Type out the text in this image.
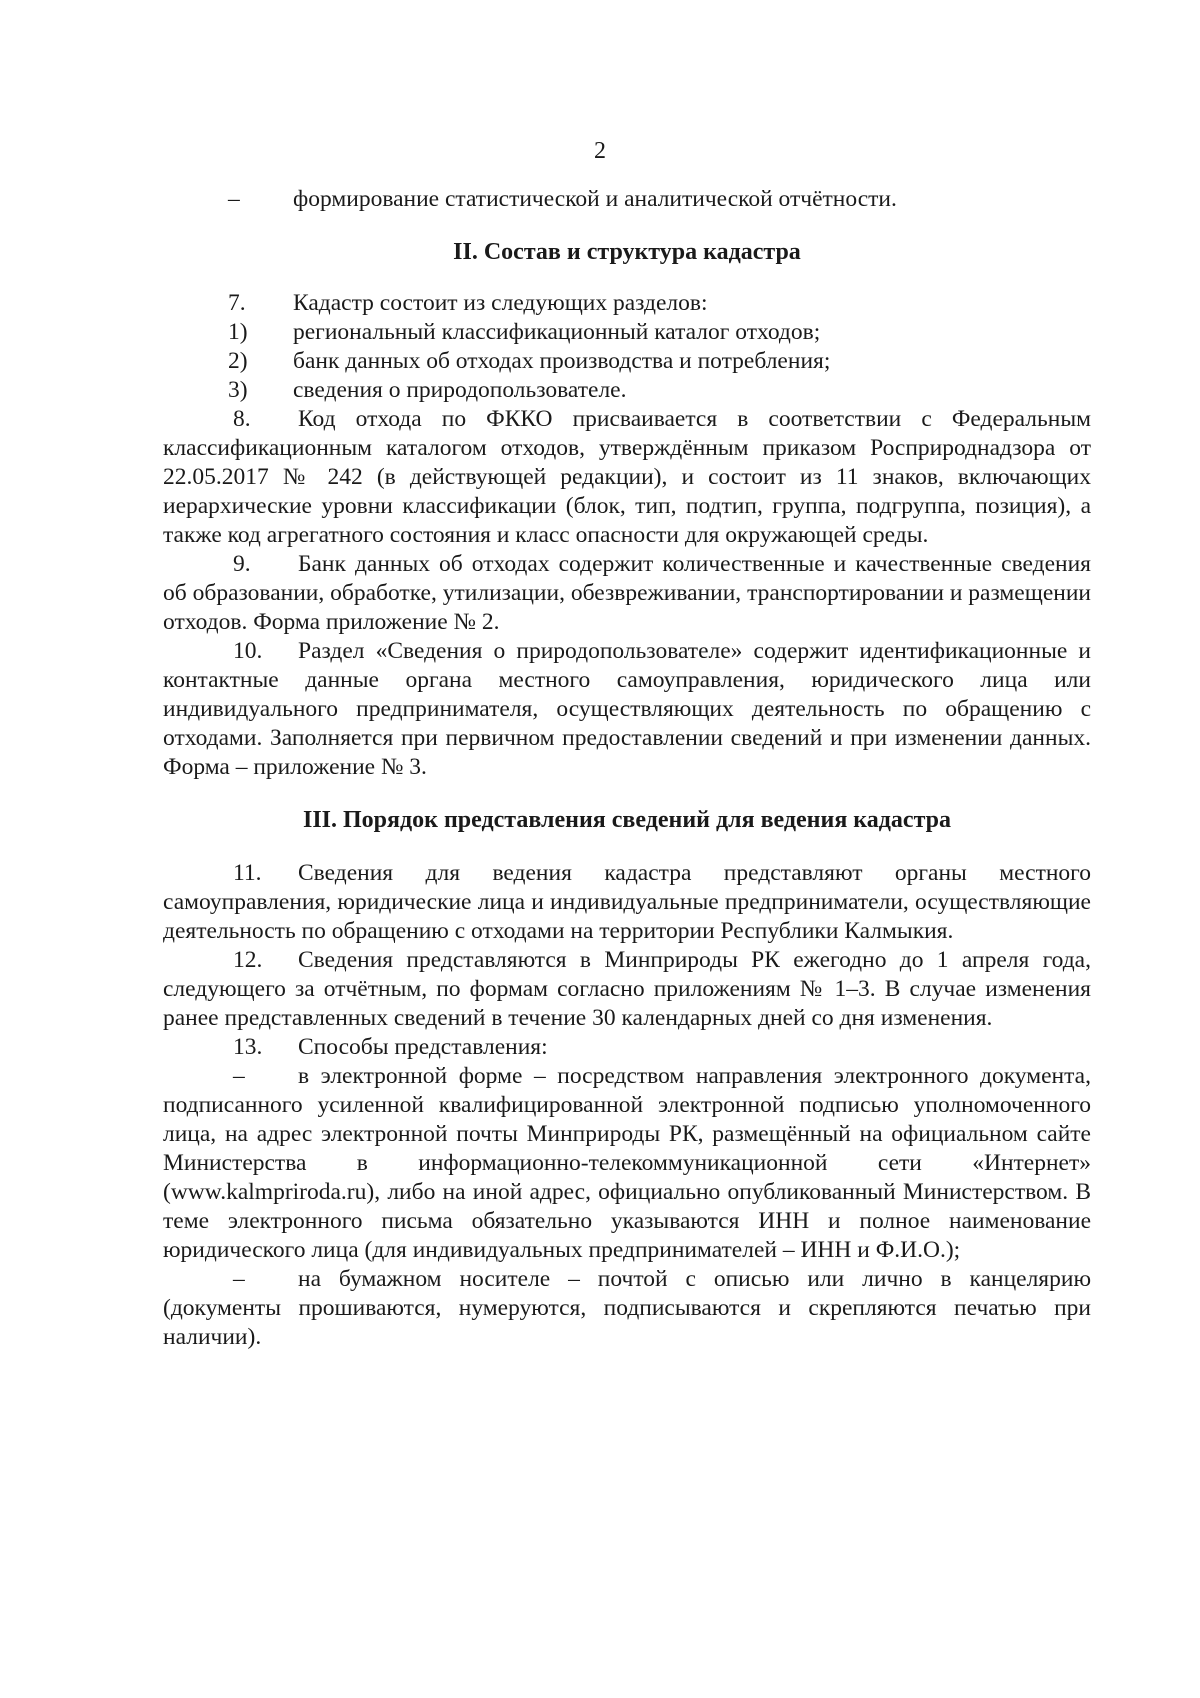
2
–	формирование статистической и аналитической отчётности.
II. Состав и структура кадастра
7.	Кадастр состоит из следующих разделов:
1)	региональный классификационный каталог отходов;
2)	банк данных об отходах производства и потребления;
3)	сведения о природопользователе.

8. Код отхода по ФККО присваивается в соответствии с Федеральным классификационным каталогом отходов, утверждённым приказом Росприроднадзора от 22.05.2017 № 242 (в действующей редакции), и состоит из 11 знаков, включающих иерархические уровни классификации (блок, тип, подтип, группа, подгруппа, позиция), а также код агрегатного состояния и класс опасности для окружающей среды.

9. Банк данных об отходах содержит количественные и качественные сведения об образовании, обработке, утилизации, обезвреживании, транспортировании и размещении отходов. Форма приложение № 2.

10. Раздел «Сведения о природопользователе» содержит идентификационные и контактные данные органа местного самоуправления, юридического лица или индивидуального предпринимателя, осуществляющих деятельность по обращению с отходами. Заполняется при первичном предоставлении сведений и при изменении данных. Форма – приложение № 3.

III. Порядок представления сведений для ведения кадастра

11. Сведения для ведения кадастра представляют органы местного самоуправления, юридические лица и индивидуальные предприниматели, осуществляющие деятельность по обращению с отходами на территории Республики Калмыкия.

12. Сведения представляются в Минприроды РК ежегодно до 1 апреля года, следующего за отчётным, по формам согласно приложениям № 1–3. В случае изменения ранее представленных сведений в течение 30 календарных дней со дня изменения.

13. Способы представления:

– в электронной форме – посредством направления электронного документа, подписанного усиленной квалифицированной электронной подписью уполномоченного лица, на адрес электронной почты Минприроды РК, размещённый на официальном сайте Министерства в информационно-телекоммуникационной сети «Интернет» (www.kalmpriroda.ru), либо на иной адрес, официально опубликованный Министерством. В теме электронного письма обязательно указываются ИНН и полное наименование юридического лица (для индивидуальных предпринимателей – ИНН и Ф.И.О.);

– на бумажном носителе – почтой с описью или лично в канцелярию (документы прошиваются, нумеруются, подписываются и скрепляются печатью при наличии).
